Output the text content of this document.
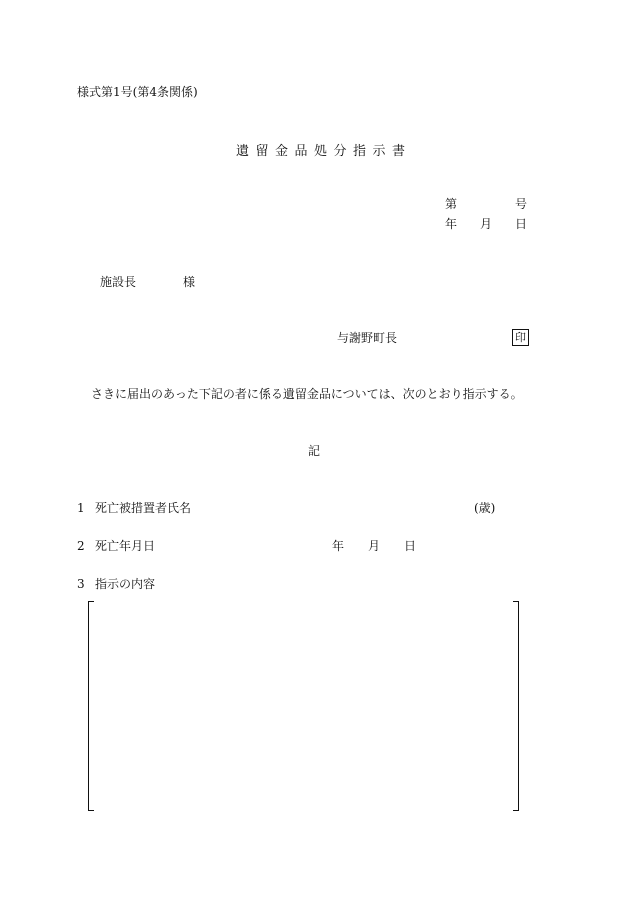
様式第1号(第4条関係)
遺留金品処分指示書
第	号
年 月 日
施設長	様
与謝野町長	印
さきに届出のあった下記の者に係る遺留金品については、次のとおり指示する。
記
1 死亡被措置者氏名	(歳)
2 死亡年月日	年 月 日
3 指示の内容
